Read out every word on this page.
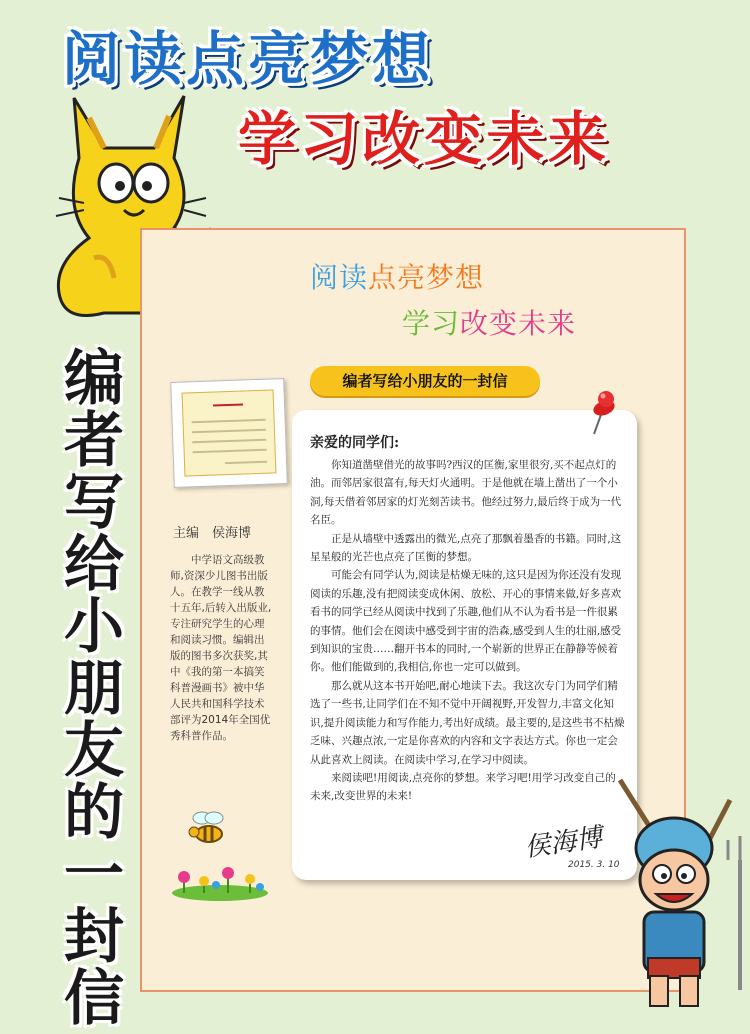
阅读点亮梦想
学习改变未来
编者写给小朋友的一封信
阅读点亮梦想
学习改变未来
编者写给小朋友的一封信
主编　侯海博
中学语文高级教师,资深少儿图书出版人。在教学一线从教十五年,后转入出版业,专注研究学生的心理和阅读习惯。编辑出版的图书多次获奖,其中《我的第一本搞笑科普漫画书》被中华人民共和国科学技术部评为2014年全国优秀科普作品。
亲爱的同学们:

你知道凿壁借光的故事吗?西汉的匡衡,家里很穷,买不起点灯的油。而邻居家很富有,每天灯火通明。于是他就在墙上凿出了一个小洞,每天借着邻居家的灯光刻苦读书。他经过努力,最后终于成为一代名臣。

正是从墙壁中透露出的微光,点亮了那飘着墨香的书籍。同时,这星星般的光芒也点亮了匡衡的梦想。

可能会有同学认为,阅读是枯燥无味的,这只是因为你还没有发现阅读的乐趣,没有把阅读变成休闲、放松、开心的事情来做,好多喜欢看书的同学已经从阅读中找到了乐趣,他们从不认为看书是一件很累的事情。他们会在阅读中感受到宇宙的浩森,感受到人生的壮丽,感受到知识的宝贵……翻开书本的同时,一个崭新的世界正在静静等候着你。他们能做到的,我相信,你也一定可以做到。

那么就从这本书开始吧,耐心地读下去。我这次专门为同学们精选了一些书,让同学们在不知不觉中开阔视野,开发智力,丰富文化知识,提升阅读能力和写作能力,考出好成绩。最主要的,是这些书不枯燥乏味、兴趣点浓,一定是你喜欢的内容和文字表达方式。你也一定会从此喜欢上阅读。在阅读中学习,在学习中阅读。

来阅读吧!用阅读,点亮你的梦想。来学习吧!用学习改变自己的未来,改变世界的未来!

侯海博
2015. 3. 10
